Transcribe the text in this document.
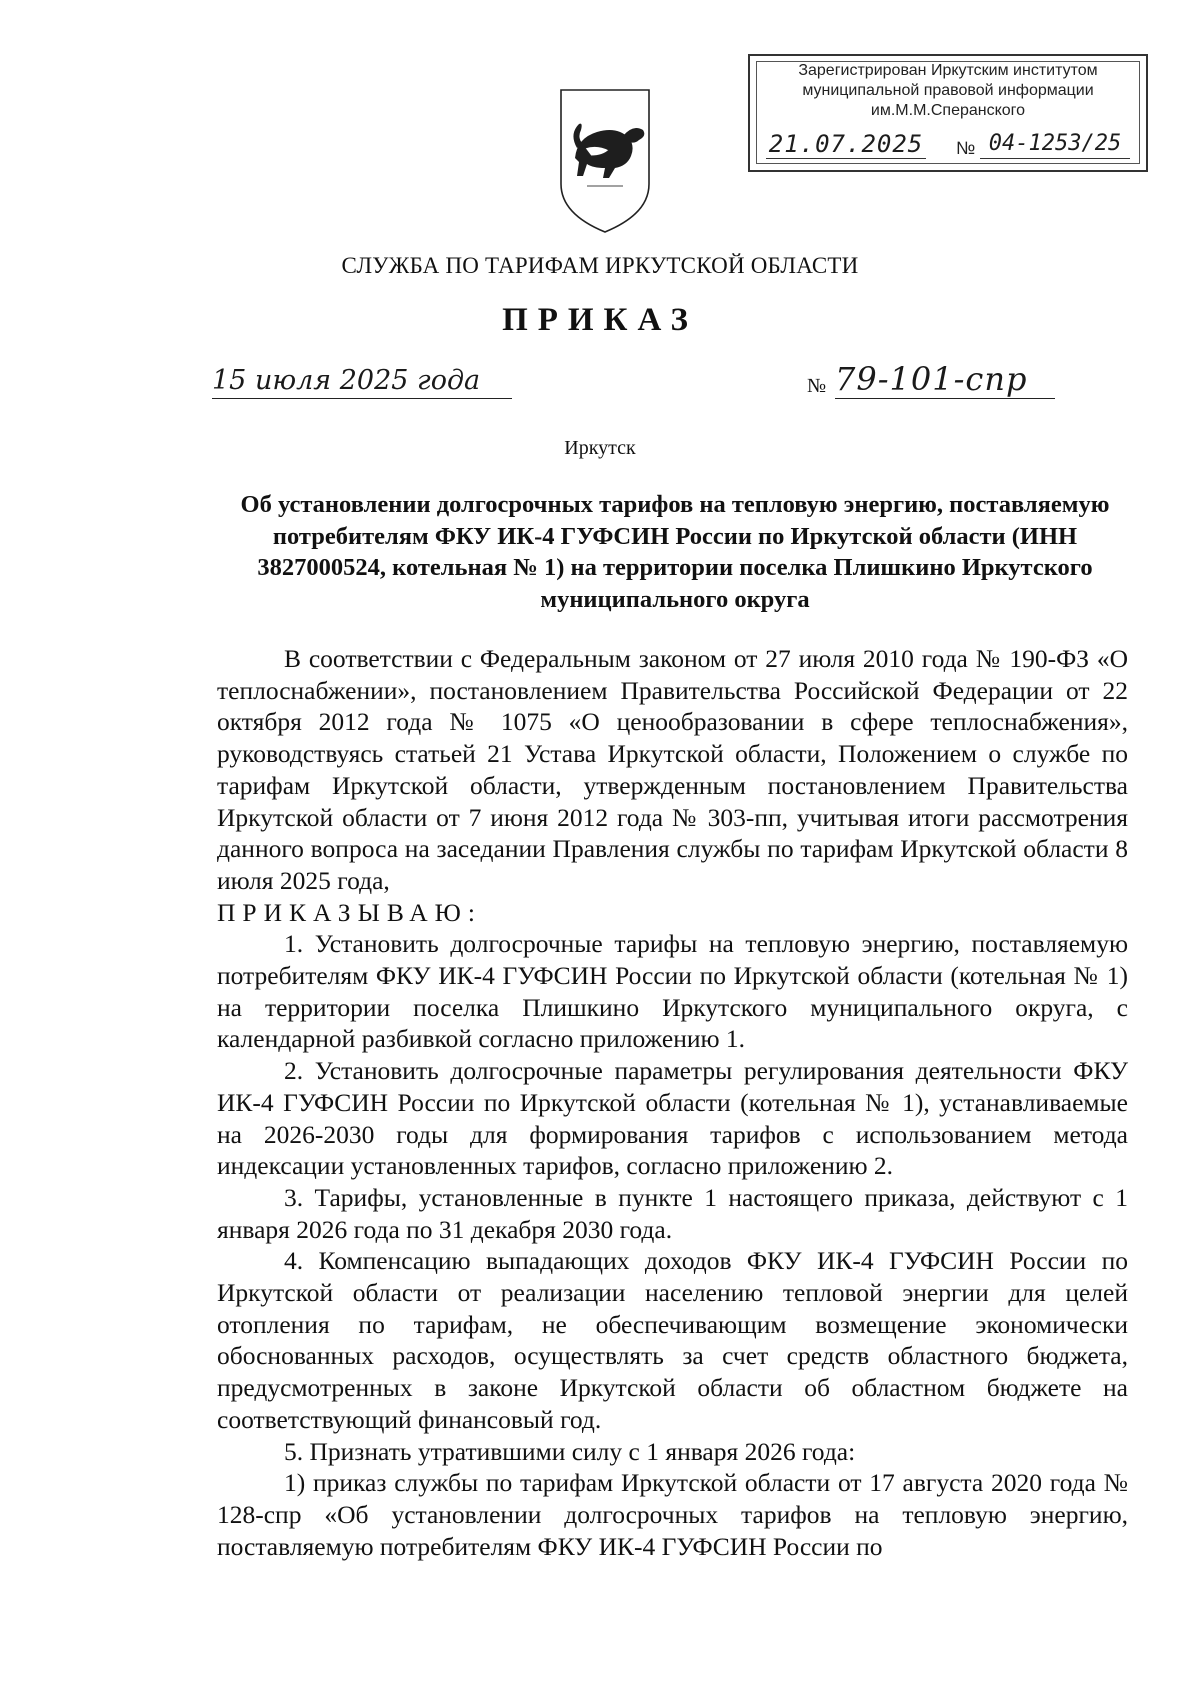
Зарегистрирован Иркутским институтом
муниципальной правовой информации
им.М.М.Сперанского
21.07.2025 № 04-1253/25
СЛУЖБА ПО ТАРИФАМ ИРКУТСКОЙ ОБЛАСТИ
ПРИКАЗ
15 июля 2025 года	№ 79-101-спр
Иркутск
Об установлении долгосрочных тарифов на тепловую энергию, поставляемую потребителям ФКУ ИК-4 ГУФСИН России по Иркутской области (ИНН 3827000524, котельная № 1) на территории поселка Плишкино Иркутского муниципального округа

В соответствии с Федеральным законом от 27 июля 2010 года № 190-ФЗ «О теплоснабжении», постановлением Правительства Российской Федерации от 22 октября 2012 года № 1075 «О ценообразовании в сфере теплоснабжения», руководствуясь статьей 21 Устава Иркутской области, Положением о службе по тарифам Иркутской области, утвержденным постановлением Правительства Иркутской области от 7 июня 2012 года № 303-пп, учитывая итоги рассмотрения данного вопроса на заседании Правления службы по тарифам Иркутской области 8 июля 2025 года,

ПРИКАЗЫВАЮ:

1. Установить долгосрочные тарифы на тепловую энергию, поставляемую потребителям ФКУ ИК-4 ГУФСИН России по Иркутской области (котельная № 1) на территории поселка Плишкино Иркутского муниципального округа, с календарной разбивкой согласно приложению 1.

2. Установить долгосрочные параметры регулирования деятельности ФКУ ИК-4 ГУФСИН России по Иркутской области (котельная № 1), устанавливаемые на 2026-2030 годы для формирования тарифов с использованием метода индексации установленных тарифов, согласно приложению 2.

3. Тарифы, установленные в пункте 1 настоящего приказа, действуют с 1 января 2026 года по 31 декабря 2030 года.

4. Компенсацию выпадающих доходов ФКУ ИК-4 ГУФСИН России по Иркутской области от реализации населению тепловой энергии для целей отопления по тарифам, не обеспечивающим возмещение экономически обоснованных расходов, осуществлять за счет средств областного бюджета, предусмотренных в законе Иркутской области об областном бюджете на соответствующий финансовый год.

5. Признать утратившими силу с 1 января 2026 года:

1) приказ службы по тарифам Иркутской области от 17 августа 2020 года № 128-спр «Об установлении долгосрочных тарифов на тепловую энергию, поставляемую потребителям ФКУ ИК-4 ГУФСИН России по
